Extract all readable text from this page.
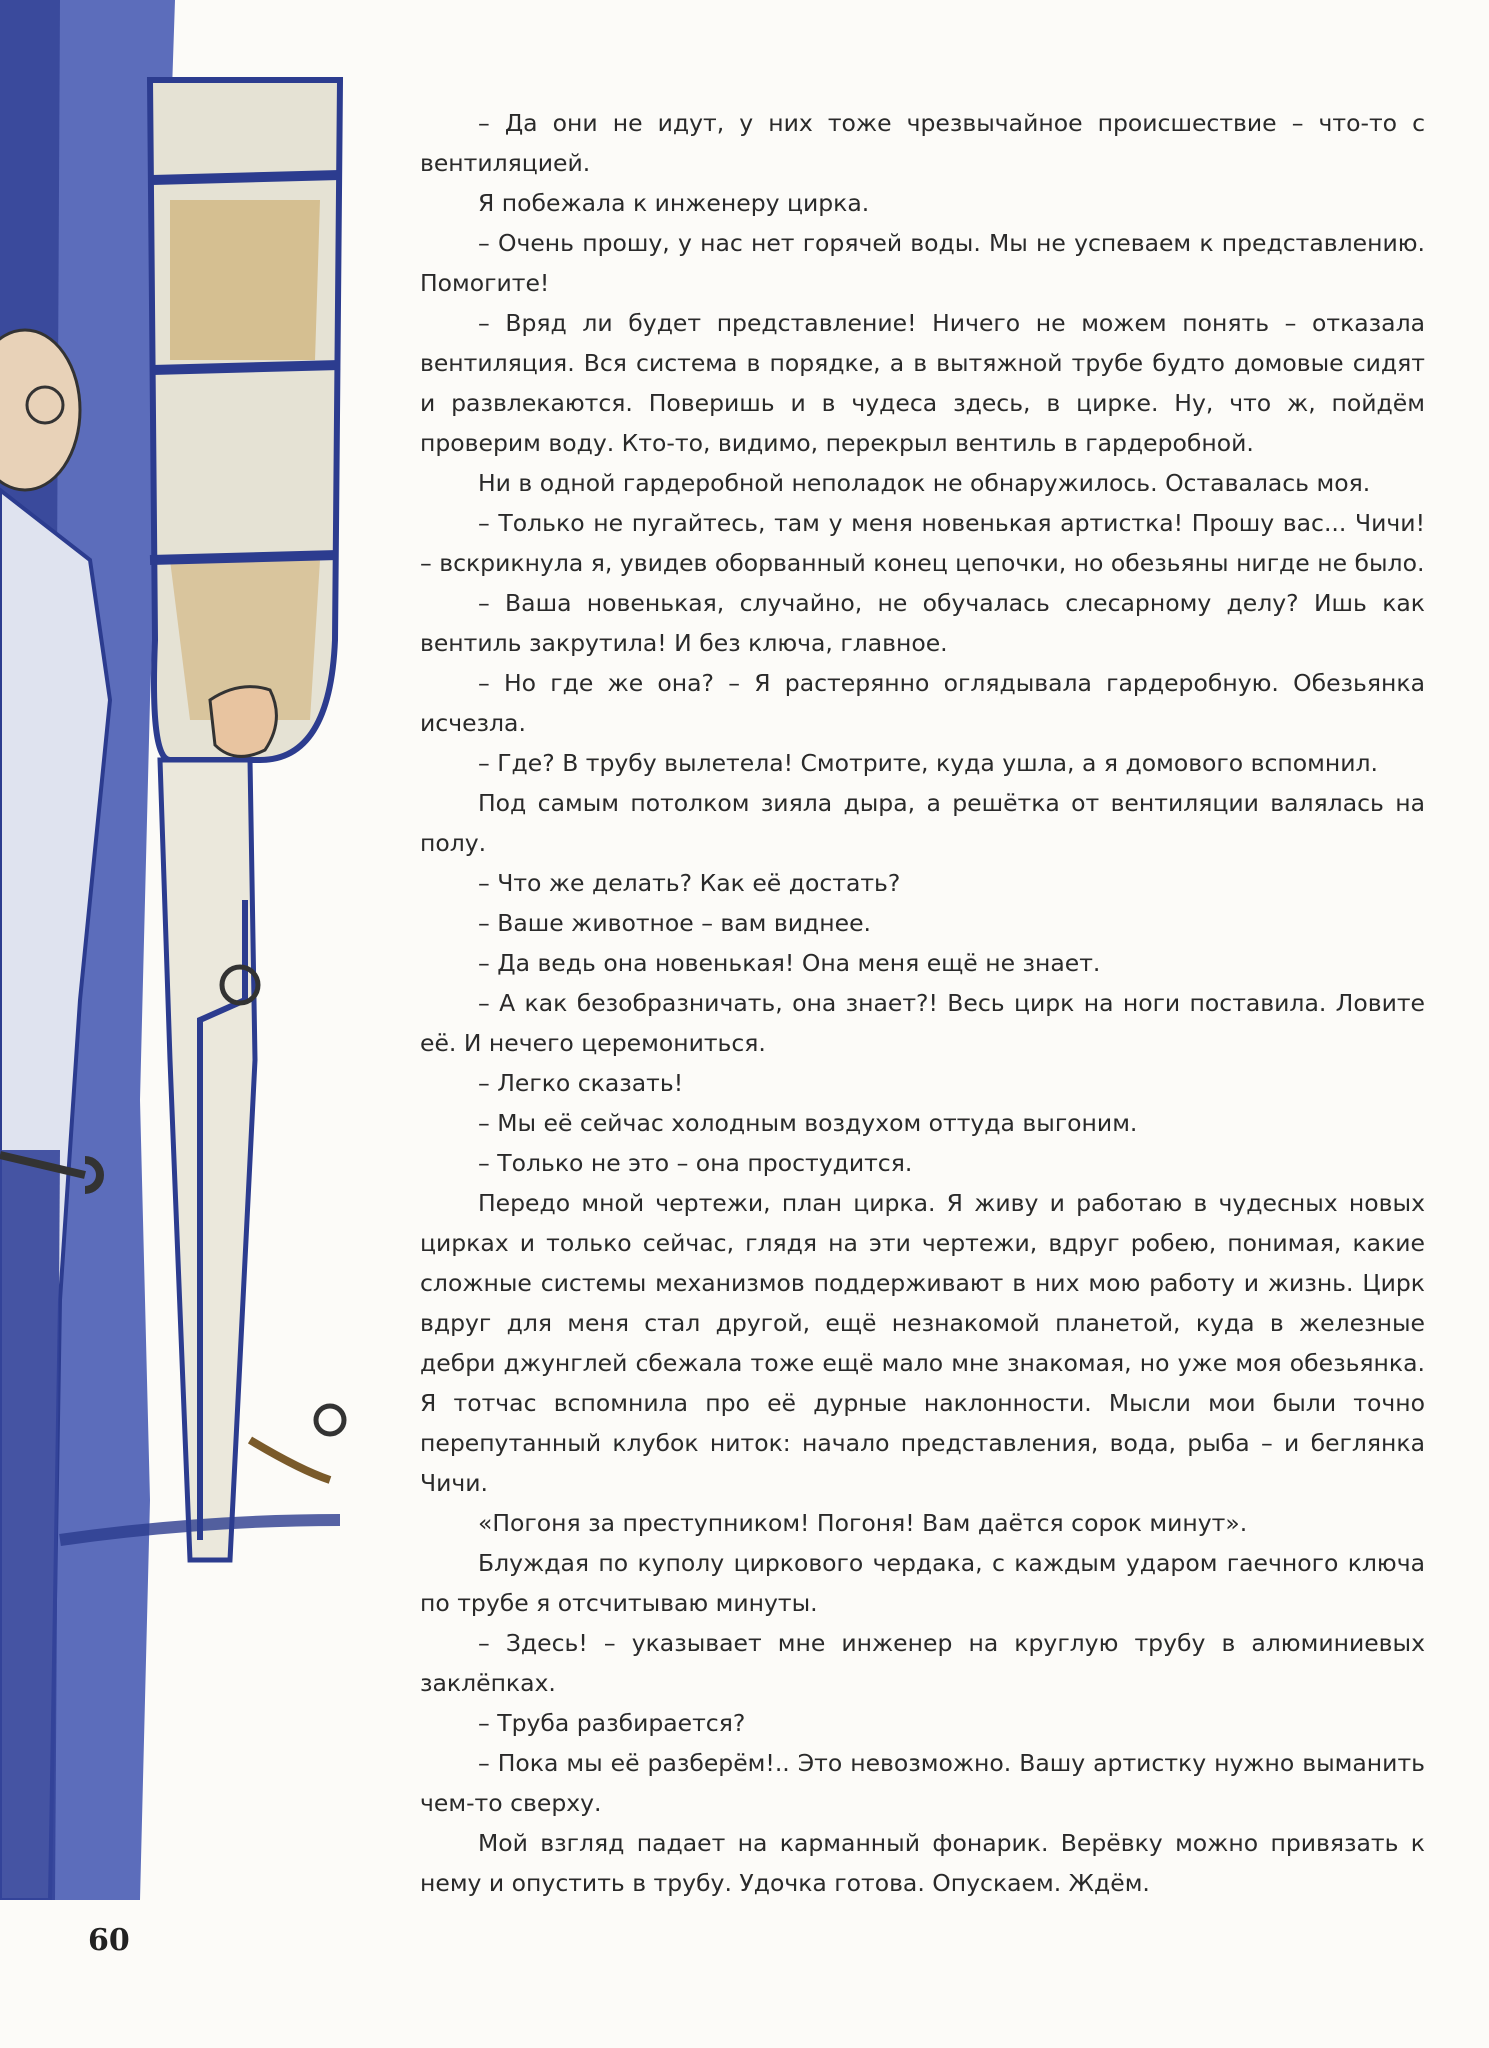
– Да они не идут, у них тоже чрезвычайное происшествие – что-то с вентиляцией.

Я побежала к инженеру цирка.

– Очень прошу, у нас нет горячей воды. Мы не успеваем к представлению. Помогите!

– Вряд ли будет представление! Ничего не можем понять – отказала вентиляция. Вся система в порядке, а в вытяжной трубе будто домовые сидят и развлекаются. Поверишь и в чудеса здесь, в цирке. Ну, что ж, пойдём проверим воду. Кто-то, видимо, перекрыл вентиль в гардеробной.

Ни в одной гардеробной неполадок не обнаружилось. Оставалась моя.

– Только не пугайтесь, там у меня новенькая артистка! Прошу вас... Чичи! – вскрикнула я, увидев оборванный конец цепочки, но обезьяны нигде не было.

– Ваша новенькая, случайно, не обучалась слесарному делу? Ишь как вентиль закрутила! И без ключа, главное.

– Но где же она? – Я растерянно оглядывала гардеробную. Обезьянка исчезла.

– Где? В трубу вылетела! Смотрите, куда ушла, а я домового вспомнил.

Под самым потолком зияла дыра, а решётка от вентиляции валялась на полу.

– Что же делать? Как её достать?

– Ваше животное – вам виднее.

– Да ведь она новенькая! Она меня ещё не знает.

– А как безобразничать, она знает?! Весь цирк на ноги поставила. Ловите её. И нечего церемониться.

– Легко сказать!

– Мы её сейчас холодным воздухом оттуда выгоним.

– Только не это – она простудится.

Передо мной чертежи, план цирка. Я живу и работаю в чудесных новых цирках и только сейчас, глядя на эти чертежи, вдруг робею, понимая, какие сложные системы механизмов поддерживают в них мою работу и жизнь. Цирк вдруг для меня стал другой, ещё незнакомой планетой, куда в железные дебри джунглей сбежала тоже ещё мало мне знакомая, но уже моя обезьянка. Я тотчас вспомнила про её дурные наклонности. Мысли мои были точно перепутанный клубок ниток: начало представления, вода, рыба – и беглянка Чичи.

«Погоня за преступником! Погоня! Вам даётся сорок минут».

Блуждая по куполу циркового чердака, с каждым ударом гаечного ключа по трубе я отсчитываю минуты.

– Здесь! – указывает мне инженер на круглую трубу в алюминиевых заклёпках.

– Труба разбирается?

– Пока мы её разберём!.. Это невозможно. Вашу артистку нужно выманить чем-то сверху.

Мой взгляд падает на карманный фонарик. Верёвку можно привязать к нему и опустить в трубу. Удочка готова. Опускаем. Ждём.

60
